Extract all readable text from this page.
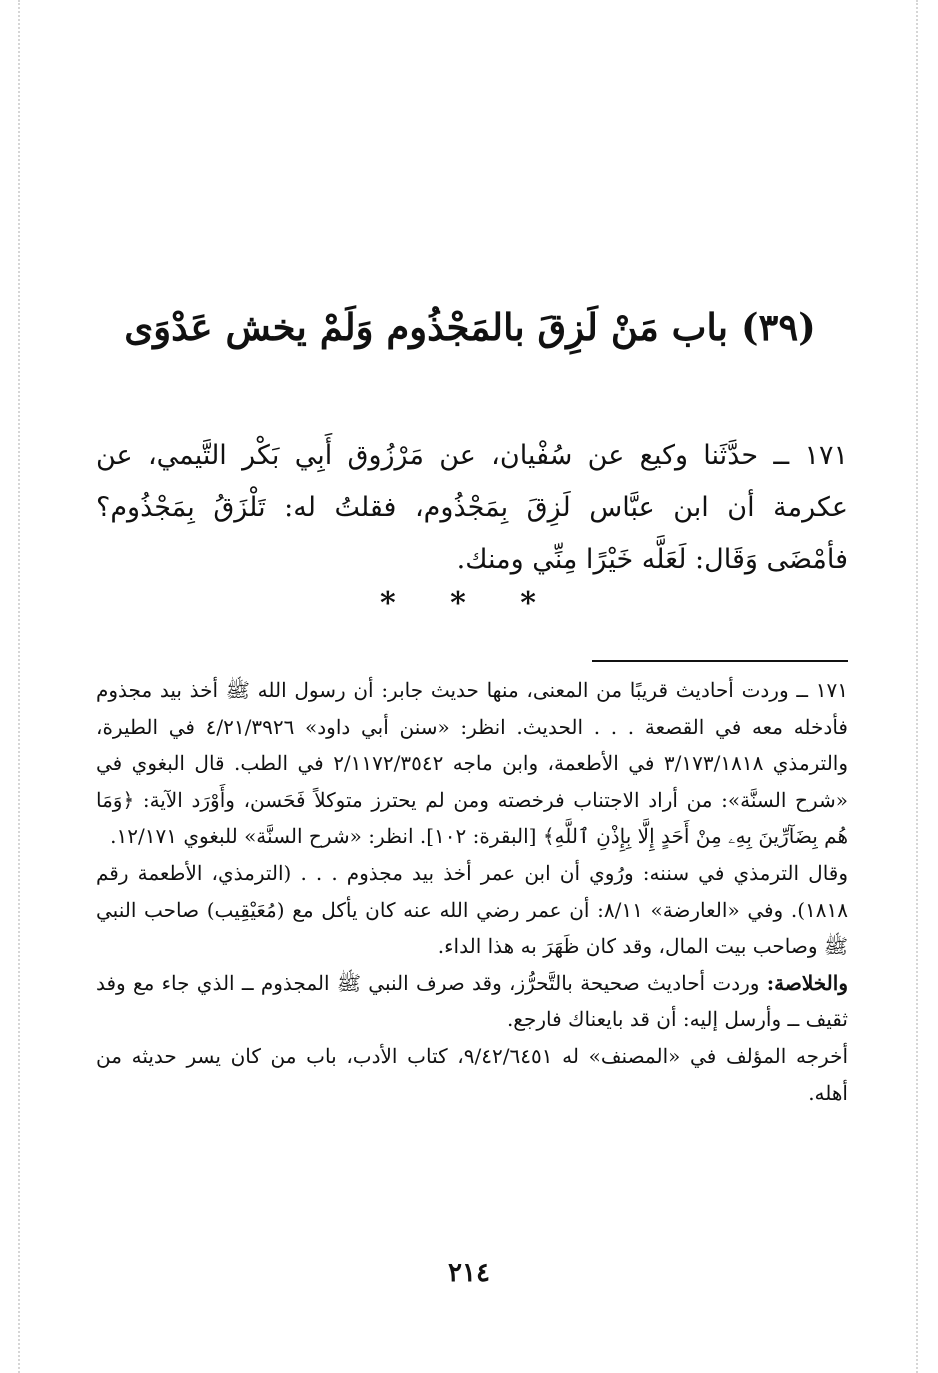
(٣٩) باب مَنْ لَزِقَ بالمَجْذُوم وَلَمْ يخش عَدْوَى
١٧١ ــ حدَّثَنا وكيع عن سُفْيان، عن مَرْزُوق أَبِي بَكْر التَّيمي، عن عكرمة أن ابن عبَّاس لَزِقَ بِمَجْذُوم، فقلتُ له: تَلْزَقُ بِمَجْذُوم؟ فأمْضَى وَقَال: لَعَلَّه خَيْرًا مِنِّي ومنك.
* * *

١٧١ ــ وردت أحاديث قريبًا من المعنى، منها حديث جابر: أن رسول الله ﷺ أخذ بيد مجذوم فأدخله معه في القصعة . . . الحديث. انظر: «سنن أبي داود» ٤/٢١/٣٩٢٦ في الطيرة، والترمذي ٣/١٧٣/١٨١٨ في الأطعمة، وابن ماجه ٢/١١٧٢/٣٥٤٢ في الطب. قال البغوي في «شرح السنَّة»: من أراد الاجتناب فرخصته ومن لم يحترز متوكلاً فَحَسن، وأَوْرَد الآية: ﴿وَمَا هُم بِضَآرِّينَ بِهِۦ مِنْ أَحَدٍ إِلَّا بِإِذْنِ ٱللَّهِ﴾ [البقرة: ١٠٢]. انظر: «شرح السنَّة» للبغوي ١٢/١٧١.

وقال الترمذي في سننه: ورُوي أن ابن عمر أخذ بيد مجذوم . . . (الترمذي، الأطعمة رقم ١٨١٨). وفي «العارضة» ٨/١١: أن عمر رضي الله عنه كان يأكل مع (مُعَيْقِيب) صاحب النبي ﷺ وصاحب بيت المال، وقد كان ظَهَرَ به هذا الداء.

والخلاصة: وردت أحاديث صحيحة بالتَّحرُّز، وقد صرف النبي ﷺ المجذوم ــ الذي جاء مع وفد ثقيف ــ وأرسل إليه: أن قد بايعناك فارجع.

أخرجه المؤلف في «المصنف» له ٩/٤٢/٦٤٥١، كتاب الأدب، باب من كان يسر حديثه من أهله.

٢١٤
